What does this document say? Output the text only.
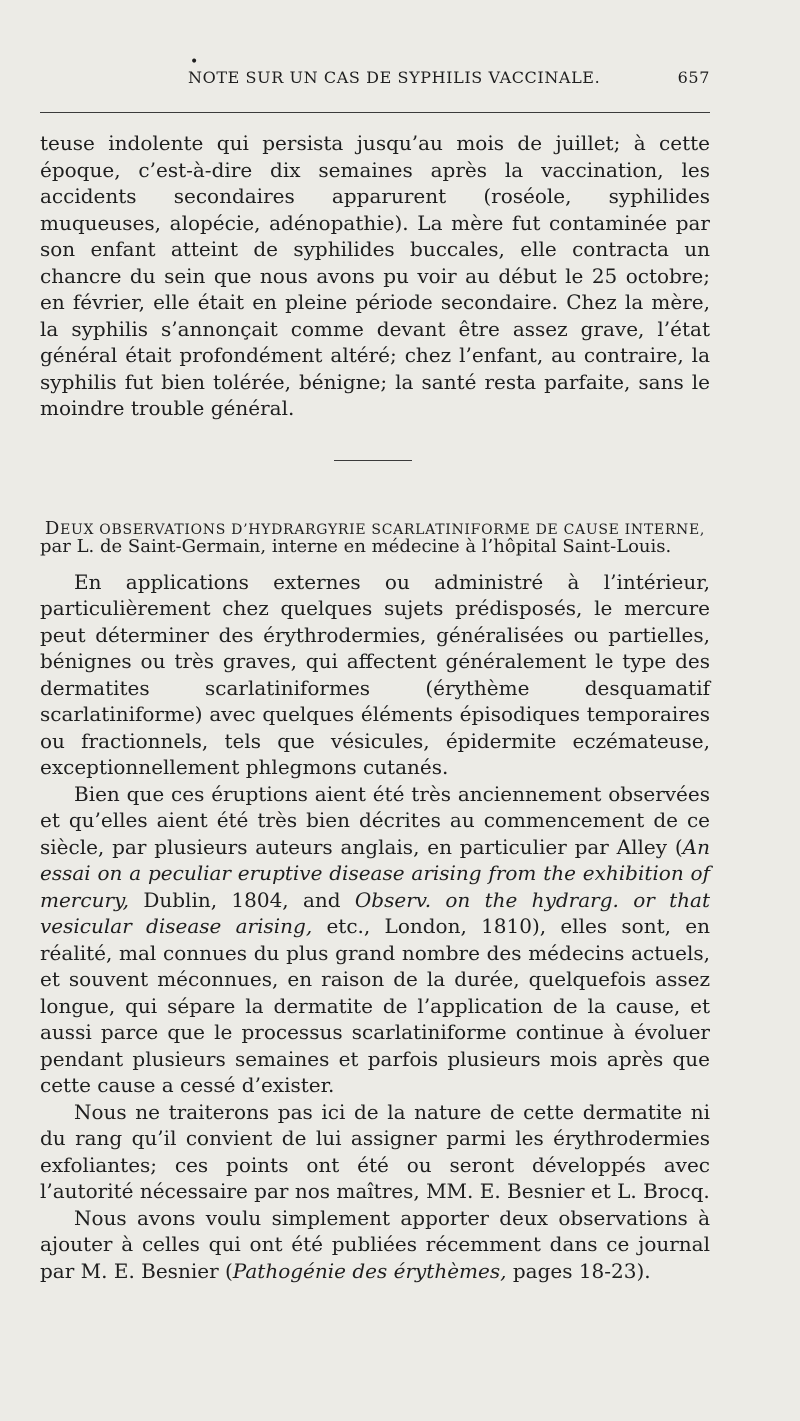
•
NOTE SUR UN CAS DE SYPHILIS VACCINALE.	657

teuse indolente qui persista jusqu’au mois de juillet; à cette époque, c’est-à-dire dix semaines après la vaccination, les accidents secondaires apparurent (roséole, syphilides muqueuses, alopécie, adénopathie). La mère fut contaminée par son enfant atteint de syphilides buccales, elle contracta un chancre du sein que nous avons pu voir au début le 25 octobre; en février, elle était en pleine période secondaire. Chez la mère, la syphilis s’annonçait comme devant être assez grave, l’état général était profondément altéré; chez l’enfant, au contraire, la syphilis fut bien tolérée, bénigne; la santé resta parfaite, sans le moindre trouble général.

DEUX OBSERVATIONS D’HYDRARGYRIE SCARLATINIFORME DE CAUSE INTERNE,

par L. de Saint-Germain, interne en médecine à l’hôpital Saint-Louis.

En applications externes ou administré à l’intérieur, particulièrement chez quelques sujets prédisposés, le mercure peut déterminer des érythrodermies, généralisées ou partielles, bénignes ou très graves, qui affectent généralement le type des dermatites scarlatiniformes (érythème desquamatif scarlatiniforme) avec quelques éléments épisodiques temporaires ou fractionnels, tels que vésicules, épidermite eczémateuse, exceptionnellement phlegmons cutanés.

Bien que ces éruptions aient été très anciennement observées et qu’elles aient été très bien décrites au commencement de ce siècle, par plusieurs auteurs anglais, en particulier par Alley (An essai on a peculiar eruptive disease arising from the exhibition of mercury, Dublin, 1804, and Observ. on the hydrarg. or that vesicular disease arising, etc., London, 1810), elles sont, en réalité, mal connues du plus grand nombre des médecins actuels, et souvent méconnues, en raison de la durée, quelquefois assez longue, qui sépare la dermatite de l’application de la cause, et aussi parce que le processus scarlatiniforme continue à évoluer pendant plusieurs semaines et parfois plusieurs mois après que cette cause a cessé d’exister.

Nous ne traiterons pas ici de la nature de cette dermatite ni du rang qu’il convient de lui assigner parmi les érythrodermies exfoliantes; ces points ont été ou seront développés avec l’autorité nécessaire par nos maîtres, MM. E. Besnier et L. Brocq.

Nous avons voulu simplement apporter deux observations à ajouter à celles qui ont été publiées récemment dans ce journal par M. E. Besnier (Pathogénie des érythèmes, pages 18-23).
